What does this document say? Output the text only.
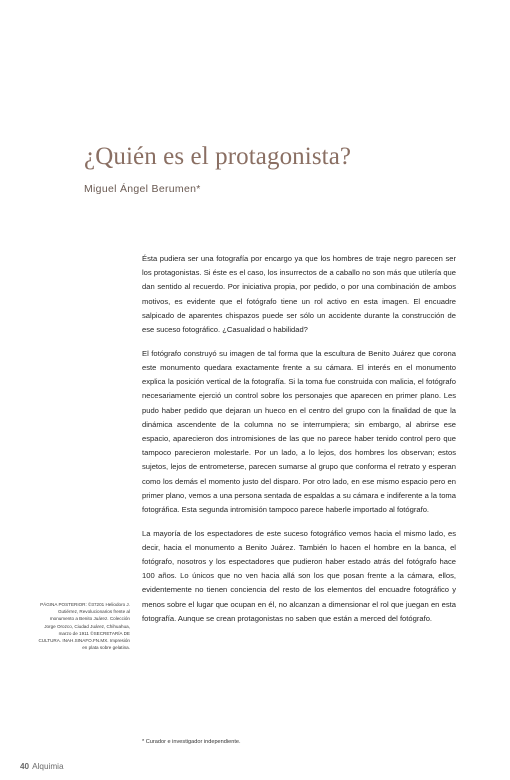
¿Quién es el protagonista?

Miguel Ángel Berumen*

Ésta pudiera ser una fotografía por encargo ya que los hombres de traje negro parecen ser los protagonistas. Si éste es el caso, los insurrectos de a caballo no son más que utilería que dan sentido al recuerdo. Por iniciativa propia, por pedido, o por una combinación de ambos motivos, es evidente que el fotógrafo tiene un rol activo en esta imagen. El encuadre salpicado de aparentes chispazos puede ser sólo un accidente durante la construcción de ese suceso fotográfico. ¿Casualidad o habilidad?

El fotógrafo construyó su imagen de tal forma que la escultura de Benito Juárez que corona este monumento quedara exactamente frente a su cámara. El interés en el monumento explica la posición vertical de la fotografía. Si la toma fue construida con malicia, el fotógrafo necesariamente ejerció un control sobre los personajes que aparecen en primer plano. Les pudo haber pedido que dejaran un hueco en el centro del grupo con la finalidad de que la dinámica ascendente de la columna no se interrumpiera; sin embargo, al abrirse ese espacio, aparecieron dos intromisiones de las que no parece haber tenido control pero que tampoco parecieron molestarle. Por un lado, a lo lejos, dos hombres los observan; estos sujetos, lejos de entrometerse, parecen sumarse al grupo que conforma el retrato y esperan como los demás el momento justo del disparo. Por otro lado, en ese mismo espacio pero en primer plano, vemos a una persona sentada de espaldas a su cámara e indiferente a la toma fotográfica. Esta segunda intromisión tampoco parece haberle importado al fotógrafo.

La mayoría de los espectadores de este suceso fotográfico vemos hacia el mismo lado, es decir, hacia el monumento a Benito Juárez. También lo hacen el hombre en la banca, el fotógrafo, nosotros y los espectadores que pudieron haber estado atrás del fotógrafo hace 100 años. Lo únicos que no ven hacia allá son los que posan frente a la cámara, ellos, evidentemente no tienen conciencia del resto de los elementos del encuadre fotográfico y menos sobre el lugar que ocupan en él, no alcanzan a dimensionar el rol que juegan en esta fotografía. Aunque se crean protagonistas no saben que están a merced del fotógrafo.

PÁGINA POSTERIOR: ©37201 Heliodoro J. Gutiérrez, Revolucionarios frente al monumento a Benito Juárez. Colección Jorge Orozco, Ciudad Juárez, Chihuahua, marzo de 1911 ©SECRETARÍA DE CULTURA. INAH.SINAFO.FN.MX. Impresión en plata sobre gelatina.

* Curador e investigador independiente.

40 Alquimia
